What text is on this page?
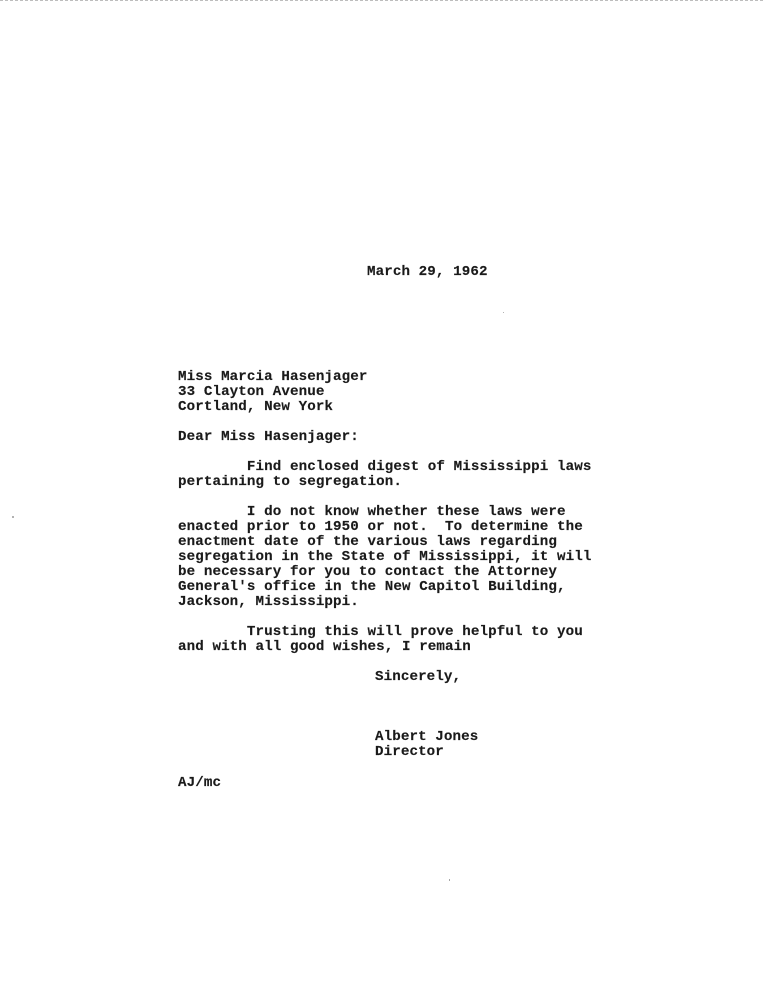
March 29, 1962
Miss Marcia Hasenjager
33 Clayton Avenue
Cortland, New York
Dear Miss Hasenjager:
Find enclosed digest of Mississippi laws
pertaining to segregation.
I do not know whether these laws were
enacted prior to 1950 or not.  To determine the
enactment date of the various laws regarding
segregation in the State of Mississippi, it will
be necessary for you to contact the Attorney
General's office in the New Capitol Building,
Jackson, Mississippi.
Trusting this will prove helpful to you
and with all good wishes, I remain
Sincerely,
Albert Jones
Director
AJ/mc
